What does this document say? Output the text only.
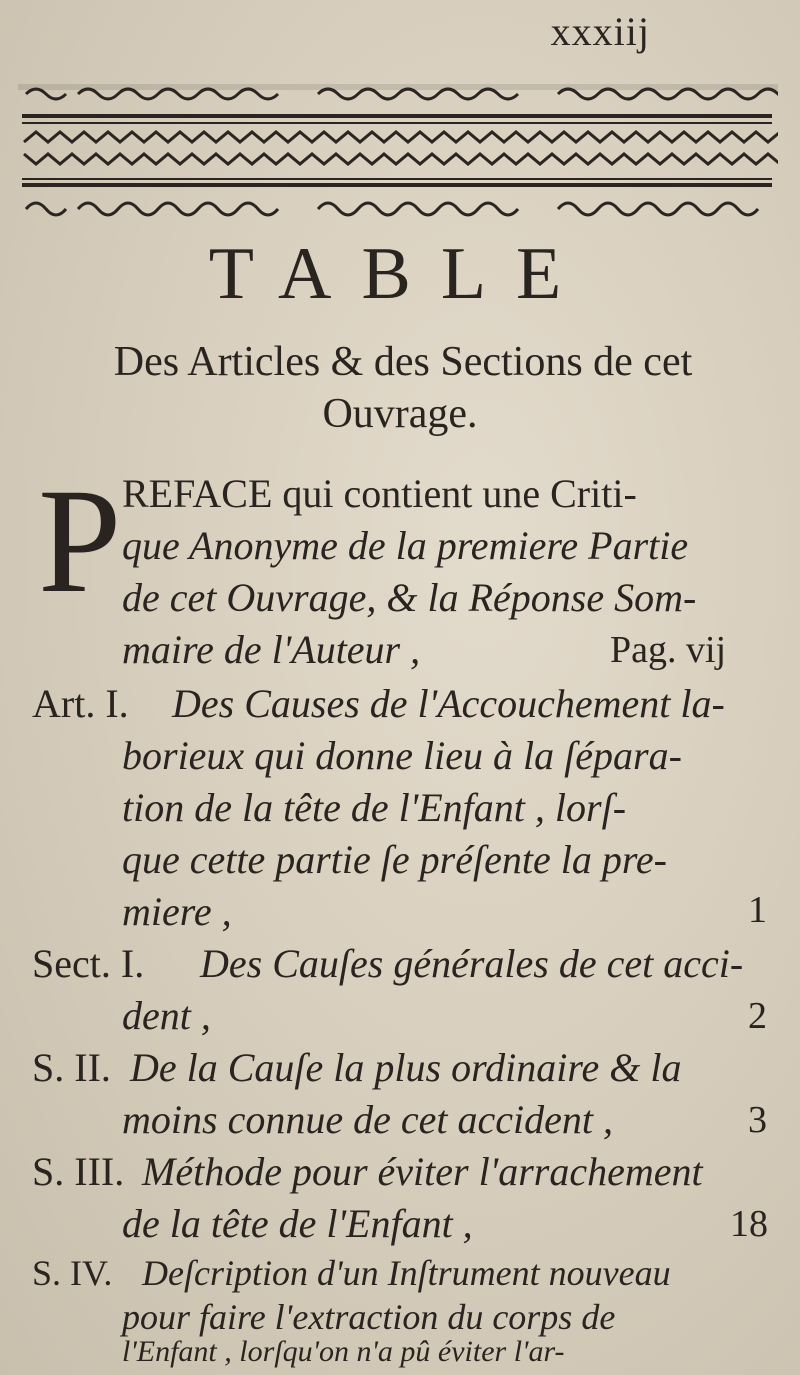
xxxiij
TABLE
Des Articles & des Sections de cet
Ouvrage.
P REFACE qui contient une Criti-
que Anonyme de la premiere Partie
de cet Ouvrage, & la Réponse Som-
maire de l'Auteur ,	Pag. vij
Art. I. Des Causes de l'Accouchement la-
borieux qui donne lieu à la ſépara-
tion de la tête de l'Enfant , lorſ-
que cette partie ſe préſente la pre-
miere ,	1
Sect. I. Des Cauſes générales de cet acci-
dent ,	2
S. II. De la Cauſe la plus ordinaire & la
moins connue de cet accident ,	3
S. III. Méthode pour éviter l'arrachement
de la tête de l'Enfant ,	18
S. IV. Deſcription d'un Inſtrument nouveau
pour faire l'extraction du corps de
l'Enfant , lorſqu'on n'a pû éviter l'ar-
